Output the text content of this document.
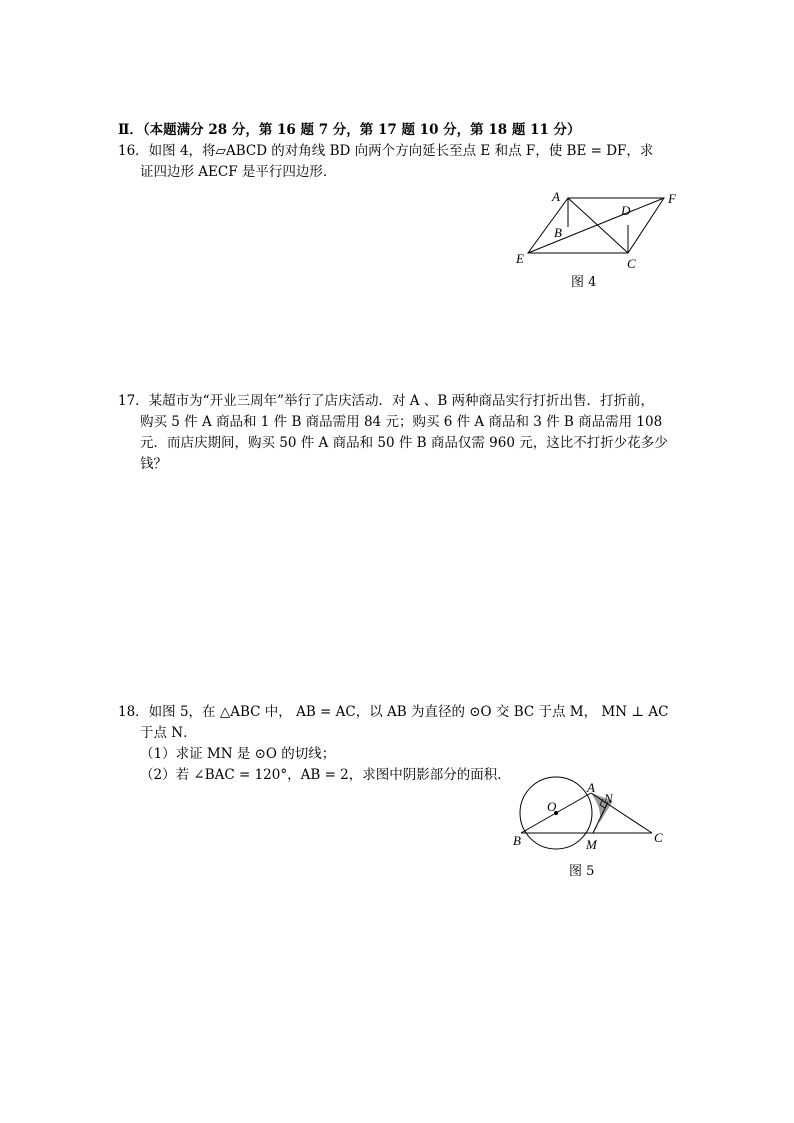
Ⅱ．（本题满分 28 分，第 16 题 7 分，第 17 题 10 分，第 18 题 11 分）
16．如图 4，将▱ABCD 的对角线 BD 向两个方向延长至点 E 和点 F，使 BE = DF，求
证四边形 AECF 是平行四边形．
A
B
C
D
E
F
图 4
17．某超市为“开业三周年”举行了店庆活动．对 A 、B 两种商品实行打折出售．打折前，
购买 5 件 A 商品和 1 件 B 商品需用 84 元；购买 6 件 A 商品和 3 件 B 商品需用 108
元．而店庆期间，购买 50 件 A 商品和 50 件 B 商品仅需 960 元，这比不打折少花多少
钱？
18．如图 5，在 △ABC 中， AB = AC，以 AB 为直径的 ⊙O 交 BC 于点 M， MN ⊥ AC
于点 N．
（1）求证 MN 是 ⊙O 的切线；
（2）若 ∠BAC = 120°，AB = 2，求图中阴影部分的面积．
O
A
N
B	M	C
图 5
